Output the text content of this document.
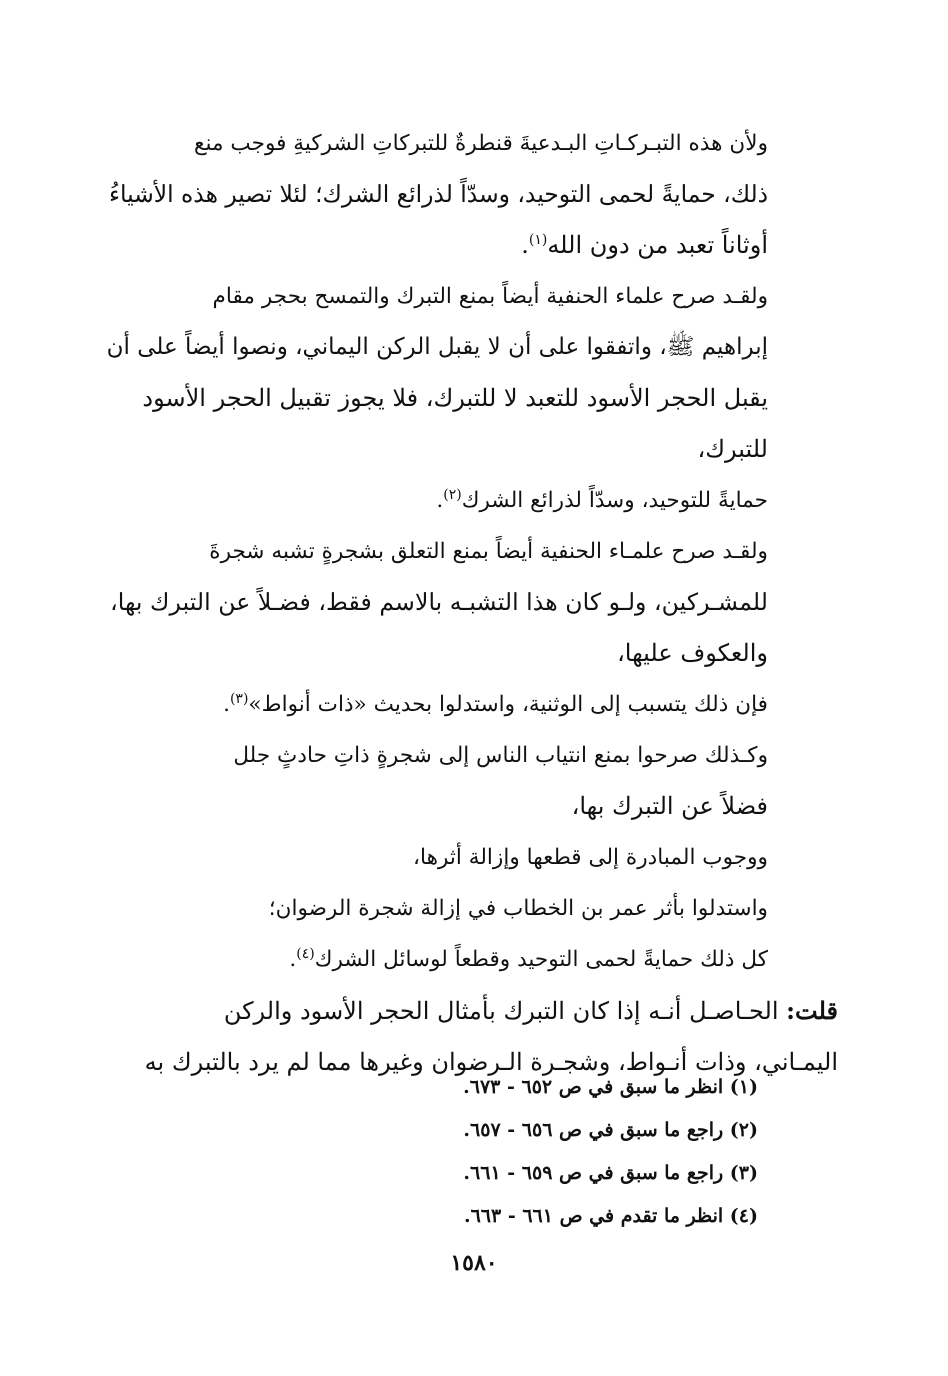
ولأن هذه التبـركـاتِ البـدعيةَ قنطرةٌ للتبركاتِ الشركيةِ فوجب منع
ذلك، حمايةً لحمى التوحيد، وسدّاً لذرائع الشرك؛ لئلا تصير هذه الأشياءُ
أوثاناً تعبد من دون الله$^{(١)}$.
ولقـد صرح علماء الحنفية أيضاً بمنع التبرك والتمسح بحجر مقام
إبراهيم ﷺ، واتفقوا على أن لا يقبل الركن اليماني، ونصوا أيضاً على أن
يقبل الحجر الأسود للتعبد لا للتبرك، فلا يجوز تقبيل الحجر الأسود
للتبرك،
حمايةً للتوحيد، وسدّاً لذرائع الشرك$^{(٢)}$.
ولقـد صرح علمـاء الحنفية أيضاً بمنع التعلق بشجرةٍ تشبه شجرةَ
للمشـركين، ولـو كان هذا التشبـه بالاسم فقط، فضـلاً عن التبرك بها،
والعكوف عليها،
فإن ذلك يتسبب إلى الوثنية، واستدلوا بحديث «ذات أنواط»$^{(٣)}$.
وكـذلك صرحوا بمنع انتياب الناس إلى شجرةٍ ذاتِ حادثٍ جلل
فضلاً عن التبرك بها،
ووجوب المبادرة إلى قطعها وإزالة أثرها،
واستدلوا بأثر عمر بن الخطاب في إزالة شجرة الرضوان؛
كل ذلك حمايةً لحمى التوحيد وقطعاً لوسائل الشرك$^{(٤)}$.
قلت: الحـاصـل أنـه إذا كان التبرك بأمثال الحجر الأسود والركن
اليمـاني، وذات أنـواط، وشجـرة الـرضوان وغيرها مما لم يرد بالتبرك به

(١) انظر ما سبق في ص ٦٥٢ - ٦٧٣.

(٢) راجع ما سبق في ص ٦٥٦ - ٦٥٧.

(٣) راجع ما سبق في ص ٦٥٩ - ٦٦١.

(٤) انظر ما تقدم في ص ٦٦١ - ٦٦٣.

١٥٨٠
